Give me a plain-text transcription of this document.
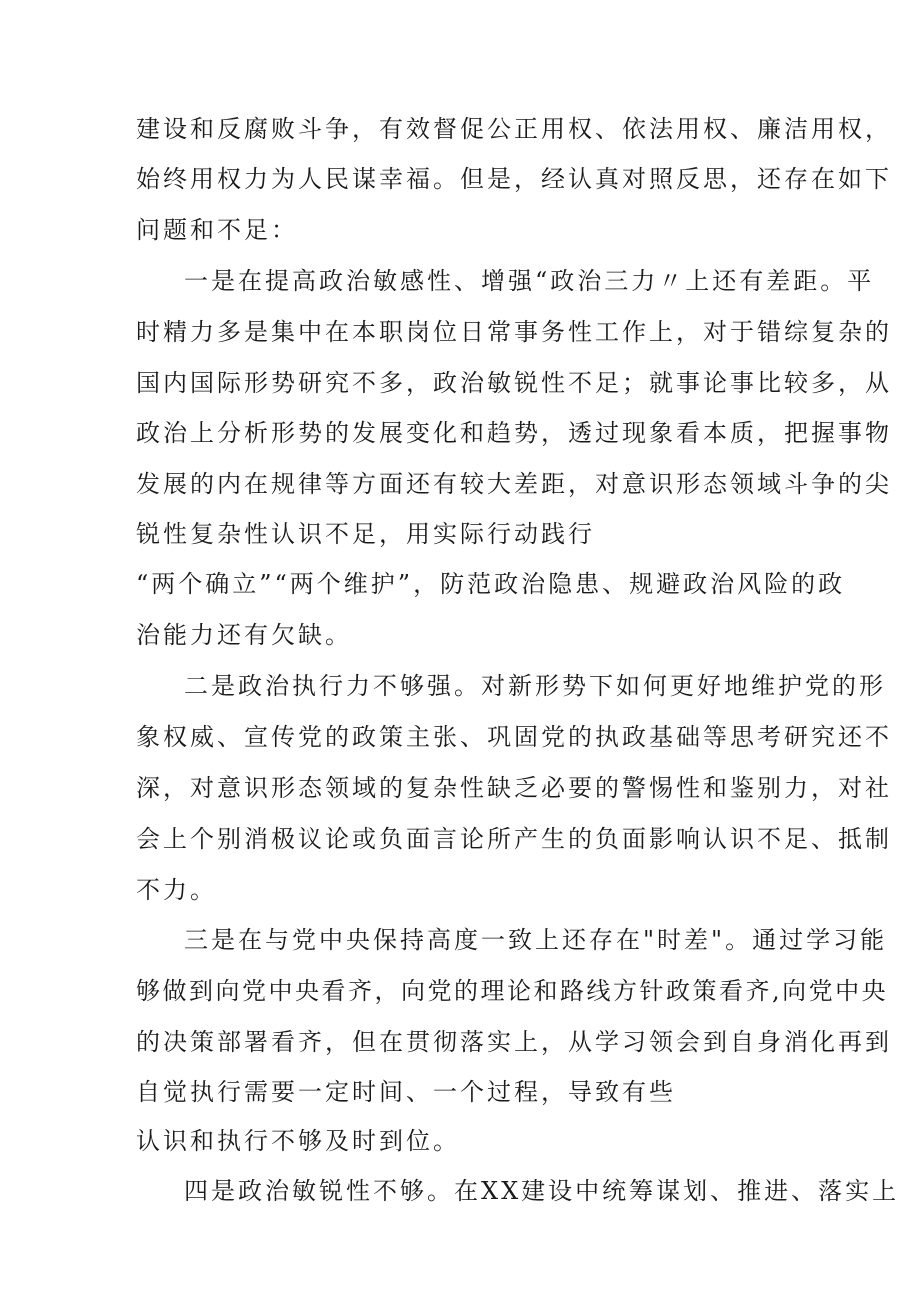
建设和反腐败斗争，有效督促公正用权、依法用权、廉洁用权，
始终用权力为人民谋幸福。但是，经认真对照反思，还存在如下
问题和不足：
一是在提高政治敏感性、增强“政治三力〃上还有差距。平
时精力多是集中在本职岗位日常事务性工作上，对于错综复杂的
国内国际形势研究不多，政治敏锐性不足；就事论事比较多，从
政治上分析形势的发展变化和趋势，透过现象看本质，把握事物
发展的内在规律等方面还有较大差距，对意识形态领域斗争的尖
锐性复杂性认识不足，用实际行动践行
“两个确立”“两个维护”，防范政治隐患、规避政治风险的政
治能力还有欠缺。
二是政治执行力不够强。对新形势下如何更好地维护党的形
象权威、宣传党的政策主张、巩固党的执政基础等思考研究还不
深，对意识形态领域的复杂性缺乏必要的警惕性和鉴别力，对社
会上个别消极议论或负面言论所产生的负面影响认识不足、抵制
不力。
三是在与党中央保持高度一致上还存在"时差"。通过学习能
够做到向党中央看齐，向党的理论和路线方针政策看齐,向党中央
的决策部署看齐，但在贯彻落实上，从学习领会到自身消化再到
自觉执行需要一定时间、一个过程，导致有些
认识和执行不够及时到位。
四是政治敏锐性不够。在XX建设中统筹谋划、推进、落实上
